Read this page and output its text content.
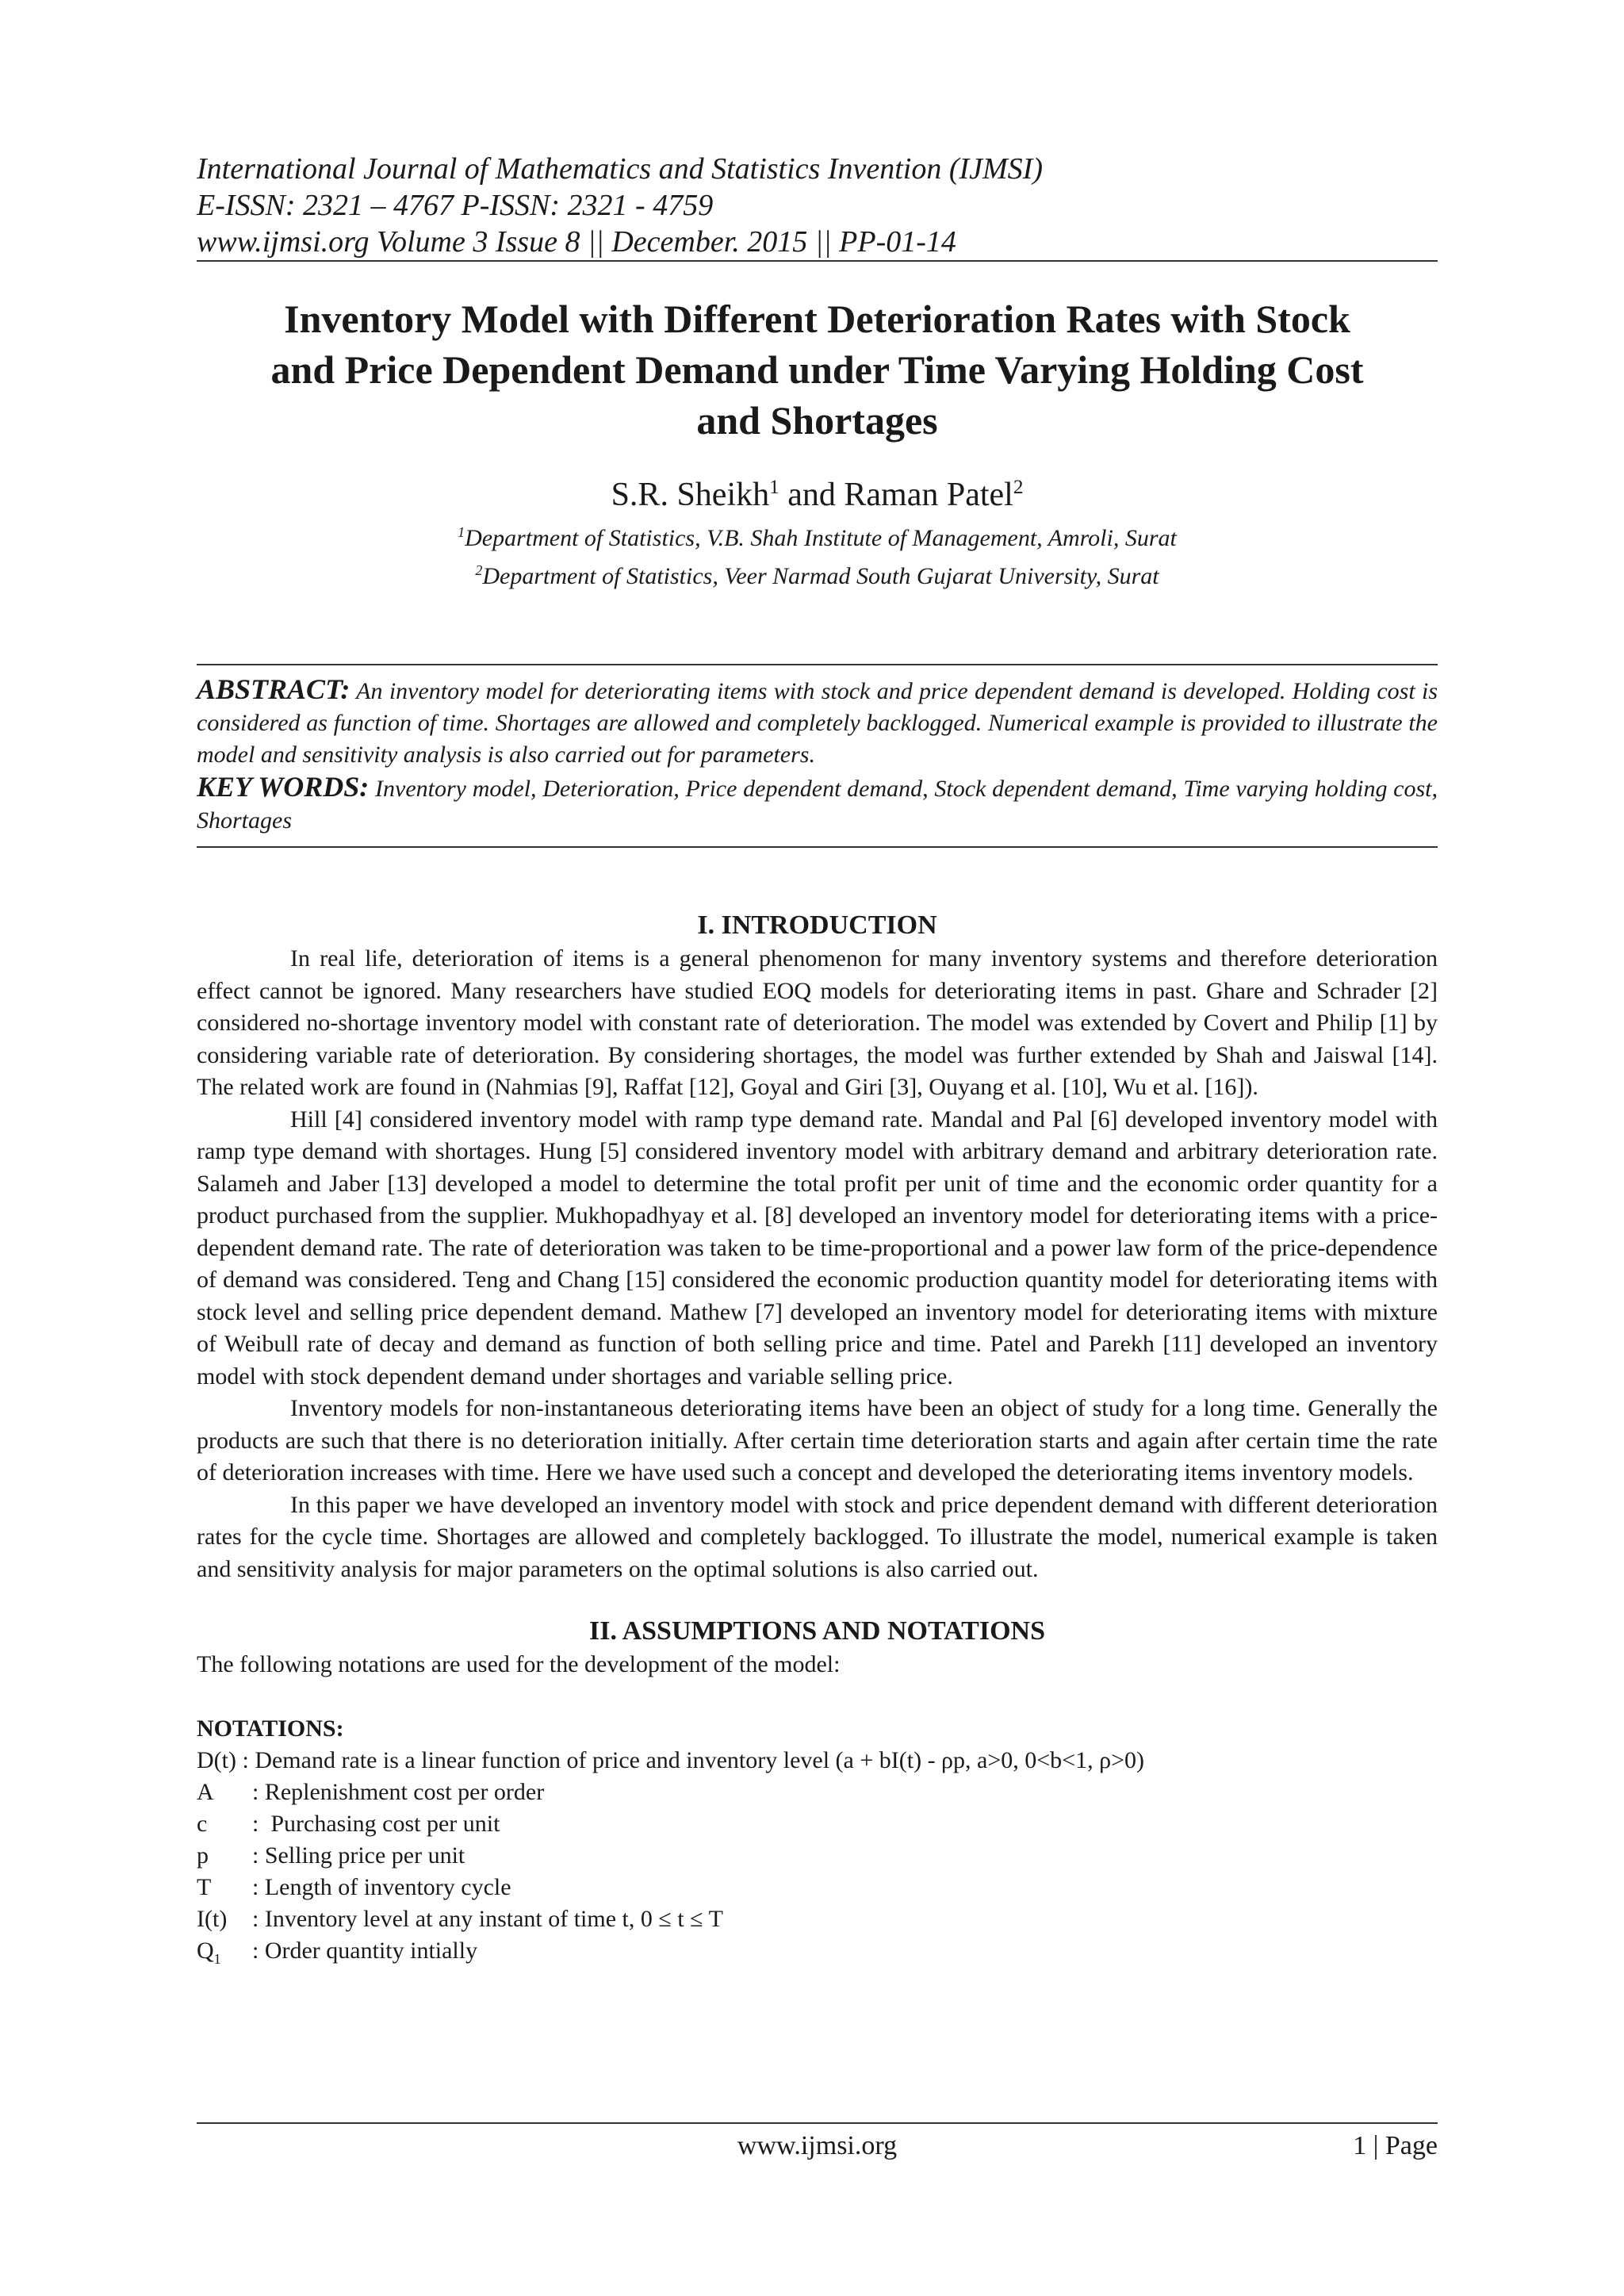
International Journal of Mathematics and Statistics Invention (IJMSI)
E-ISSN: 2321 – 4767 P-ISSN: 2321 - 4759
www.ijmsi.org Volume 3 Issue 8 || December. 2015 || PP-01-14
Inventory Model with Different Deterioration Rates with Stock
and Price Dependent Demand under Time Varying Holding Cost
and Shortages
S.R. Sheikh$^1$ and Raman Patel$^2$
$^1$Department of Statistics, V.B. Shah Institute of Management, Amroli, Surat
$^2$Department of Statistics, Veer Narmad South Gujarat University, Surat

ABSTRACT: An inventory model for deteriorating items with stock and price dependent demand is developed. Holding cost is considered as function of time. Shortages are allowed and completely backlogged. Numerical example is provided to illustrate the model and sensitivity analysis is also carried out for parameters.

KEY WORDS: Inventory model, Deterioration, Price dependent demand, Stock dependent demand, Time varying holding cost, Shortages

I. INTRODUCTION

In real life, deterioration of items is a general phenomenon for many inventory systems and therefore deterioration effect cannot be ignored. Many researchers have studied EOQ models for deteriorating items in past. Ghare and Schrader [2] considered no-shortage inventory model with constant rate of deterioration. The model was extended by Covert and Philip [1] by considering variable rate of deterioration. By considering shortages, the model was further extended by Shah and Jaiswal [14]. The related work are found in (Nahmias [9], Raffat [12], Goyal and Giri [3], Ouyang et al. [10], Wu et al. [16]).

Hill [4] considered inventory model with ramp type demand rate. Mandal and Pal [6] developed inventory model with ramp type demand with shortages. Hung [5] considered inventory model with arbitrary demand and arbitrary deterioration rate. Salameh and Jaber [13] developed a model to determine the total profit per unit of time and the economic order quantity for a product purchased from the supplier. Mukhopadhyay et al. [8] developed an inventory model for deteriorating items with a price-dependent demand rate. The rate of deterioration was taken to be time-proportional and a power law form of the price-dependence of demand was considered. Teng and Chang [15] considered the economic production quantity model for deteriorating items with stock level and selling price dependent demand. Mathew [7] developed an inventory model for deteriorating items with mixture of Weibull rate of decay and demand as function of both selling price and time. Patel and Parekh [11] developed an inventory model with stock dependent demand under shortages and variable selling price.

Inventory models for non-instantaneous deteriorating items have been an object of study for a long time. Generally the products are such that there is no deterioration initially. After certain time deterioration starts and again after certain time the rate of deterioration increases with time. Here we have used such a concept and developed the deteriorating items inventory models.

In this paper we have developed an inventory model with stock and price dependent demand with different deterioration rates for the cycle time. Shortages are allowed and completely backlogged. To illustrate the model, numerical example is taken and sensitivity analysis for major parameters on the optimal solutions is also carried out.

II. ASSUMPTIONS AND NOTATIONS

The following notations are used for the development of the model:

NOTATIONS:
D(t) : Demand rate is a linear function of price and inventory level (a + bI(t) - ρp, a>0, 0<b<1, ρ>0)
A	: Replenishment cost per order
c	:  Purchasing cost per unit
p	: Selling price per unit
T	: Length of inventory cycle
I(t)	: Inventory level at any instant of time t, 0 ≤ t ≤ T
$Q_1$	: Order quantity intially
www.ijmsi.org	1 | Page
